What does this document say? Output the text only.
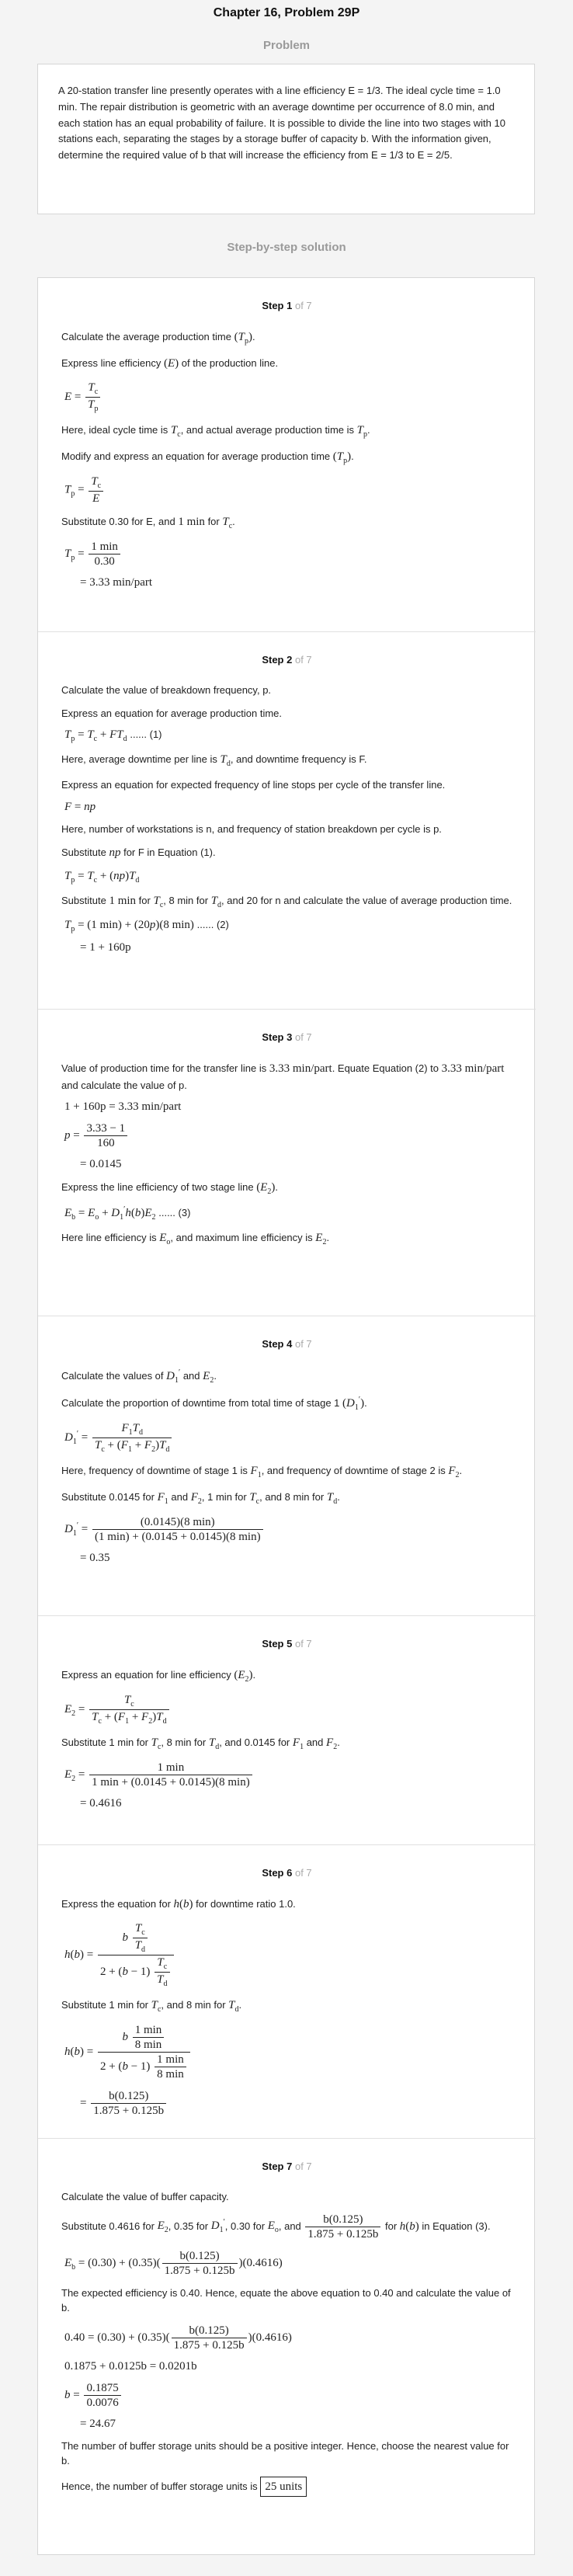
Chapter 16, Problem 29P
Problem
A 20-station transfer line presently operates with a line efficiency E = 1/3. The ideal cycle time = 1.0 min. The repair distribution is geometric with an average downtime per occurrence of 8.0 min, and each station has an equal probability of failure. It is possible to divide the line into two stages with 10 stations each, separating the stages by a storage buffer of capacity b. With the information given, determine the required value of b that will increase the efficiency from E = 1/3 to E = 2/5.
Step-by-step solution
Step 1 of 7
Calculate the average production time $(T_p)$.
Express line efficiency (E) of the production line.
$E = \frac{T_c}{T_p}$
Here, ideal cycle time is $T_c$, and actual average production time is $T_p$.
Modify and express an equation for average production time $(T_p)$.
$T_p = \frac{T_c}{E}$
Substitute 0.30 for E, and 1 min for $T_c$.
$T_p = \frac{1 \min}{0.30}$
= 3.33 min/part
Step 2 of 7
Calculate the value of breakdown frequency, p.
Express an equation for average production time.
$T_p = T_c + FT_d$ ...... (1)
Here, average downtime per line is $T_d$, and downtime frequency is F.
Express an equation for expected frequency of line stops per cycle of the transfer line.
F = np
Here, number of workstations is n, and frequency of station breakdown per cycle is p.
Substitute np for F in Equation (1).
$T_p = T_c + (np)T_d$
Substitute 1 min for $T_c$, 8 min for $T_d$, and 20 for n and calculate the value of average production time.
$T_p = (1$ min) + (20p)(8 min) ...... (2)
= 1 + 160p
Step 3 of 7
Value of production time for the transfer line is 3.33 min/part. Equate Equation (2) to 3.33 min/part and calculate the value of p.
1 + 160p = 3.33 min/part
$p = \frac{3.33 - 1}{160}$
= 0.0145
Express the line efficiency of two stage line $(E_2)$.
$E_b = E_o + D_1'h(b)E_2$ ...... (3)
Here line efficiency is $E_o$, and maximum line efficiency is $E_2$.
Step 4 of 7
Calculate the values of $D_1'$ and $E_2$.
Calculate the proportion of downtime from total time of stage 1 $(D_1')$.
$D_1' = \frac{F_1T_d}{T_c + (F_1 + F_2)T_d}$
Here, frequency of downtime of stage 1 is $F_1$, and frequency of downtime of stage 2 is $F_2$.
Substitute 0.0145 for $F_1$ and $F_2$, 1 min for $T_c$, and 8 min for $T_d$.
$D_1' = \frac{(0.0145)(8 \min)}{(1 \min) + (0.0145 + 0.0145)(8 \min)}$
= 0.35
Step 5 of 7
Express an equation for line efficiency $(E_2)$.
$E_2 = \frac{T_c}{T_c + (F_1 + F_2)T_d}$
Substitute 1 min for $T_c$, 8 min for $T_d$, and 0.0145 for $F_1$ and $F_2$.
$E_2 = \frac{1 \min}{1 \min + (0.0145 + 0.0145)(8 \min)}$
= 0.4616
Step 6 of 7
Express the equation for h(b) for downtime ratio 1.0.
$h(b) = \frac{b \frac{T_c}{T_d}}{2 + (b - 1) \frac{T_c}{T_d}}$
Substitute 1 min for $T_c$, and 8 min for $T_d$.
$h(b) = \frac{b \frac{1 \min}{8 \min}}{2 + (b - 1) \frac{1 \min}{8 \min}}$
= $\frac{b(0.125)}{1.875 + 0.125b}$
Step 7 of 7
Calculate the value of buffer capacity.
Substitute 0.4616 for $E_2$, 0.35 for $D_1'$, 0.30 for $E_o$, and $\frac{b(0.125)}{1.875 + 0.125b}$ for h(b) in Equation (3).
$E_b = (0.30) + (0.35)( \frac{b(0.125)}{1.875 + 0.125b} )(0.4616)$
The expected efficiency is 0.40. Hence, equate the above equation to 0.40 and calculate the value of b.
$0.40 = (0.30) + (0.35)( \frac{b(0.125)}{1.875 + 0.125b} )(0.4616)$
0.1875 + 0.0125b = 0.0201b
$b = \frac{0.1875}{0.0076}$
= 24.67
The number of buffer storage units should be a positive integer. Hence, choose the nearest value for b.
Hence, the number of buffer storage units is 25 units
